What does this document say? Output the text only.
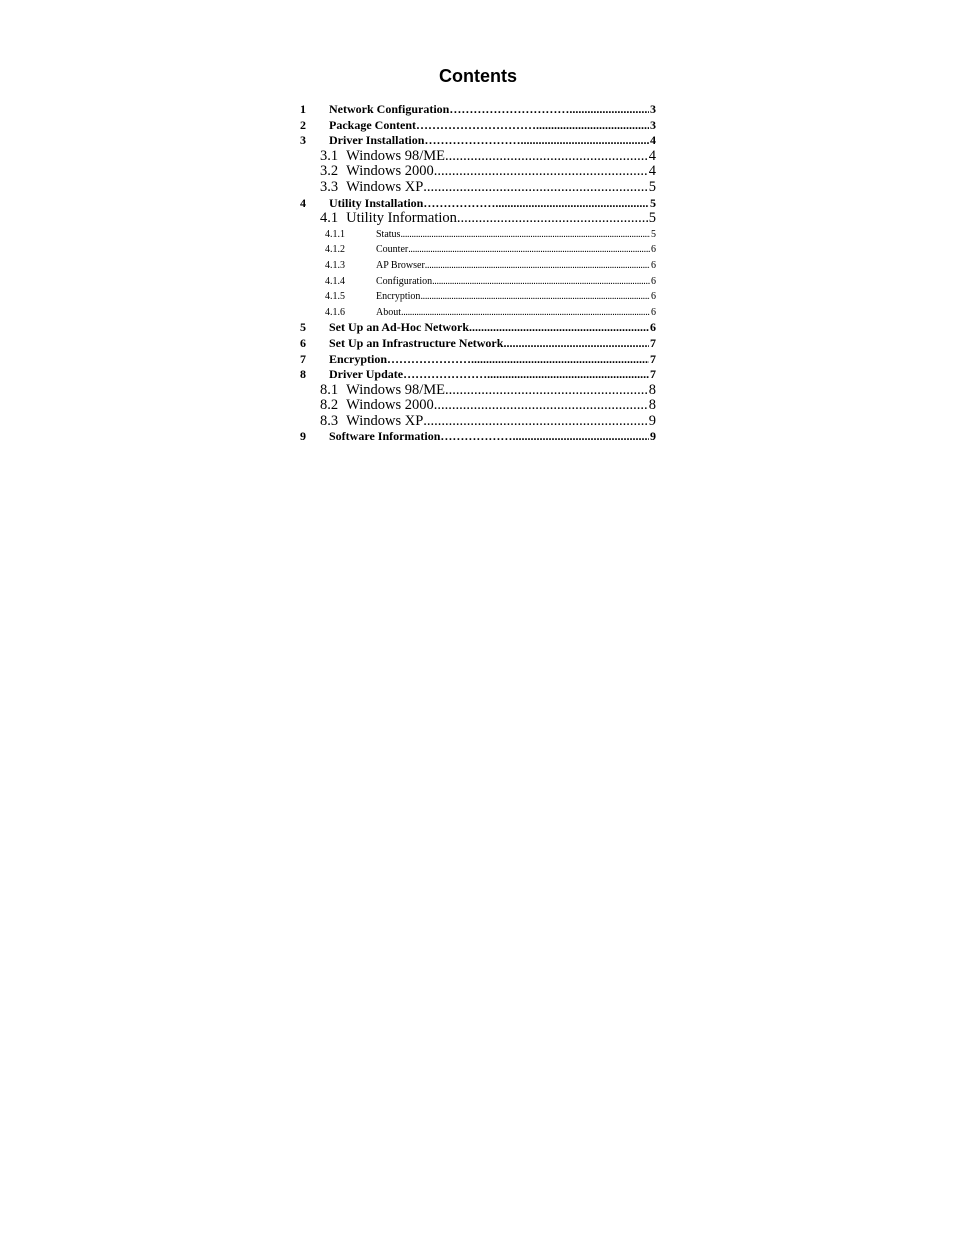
Contents
1	Network Configuration………………………… .....	3
2	Package Content………………………… .....	3
3	Driver Installation……………………. .....	4
3.1 Windows 98/ME .....	4
3.2 Windows 2000 .....	4
3.3 Windows XP .....	5
4	Utility Installation………………. .....	5
4.1 Utility Information .....	5
4.1.1	Status .....	5
4.1.2	Counter .....	6
4.1.3	AP Browser .....	6
4.1.4	Configuration .....	6
4.1.5	Encryption .....	6
4.1.6	About .....	6
5	Set Up an Ad-Hoc Network .....	6
6	Set Up an Infrastructure Network .....	7
7	Encryption…………………. .....	7
8	Driver Update………………… .....	7
8.1 Windows 98/ME .....	8
8.2 Windows 2000 .....	8
8.3 Windows XP .....	9
9	Software Information……………… .....	9
